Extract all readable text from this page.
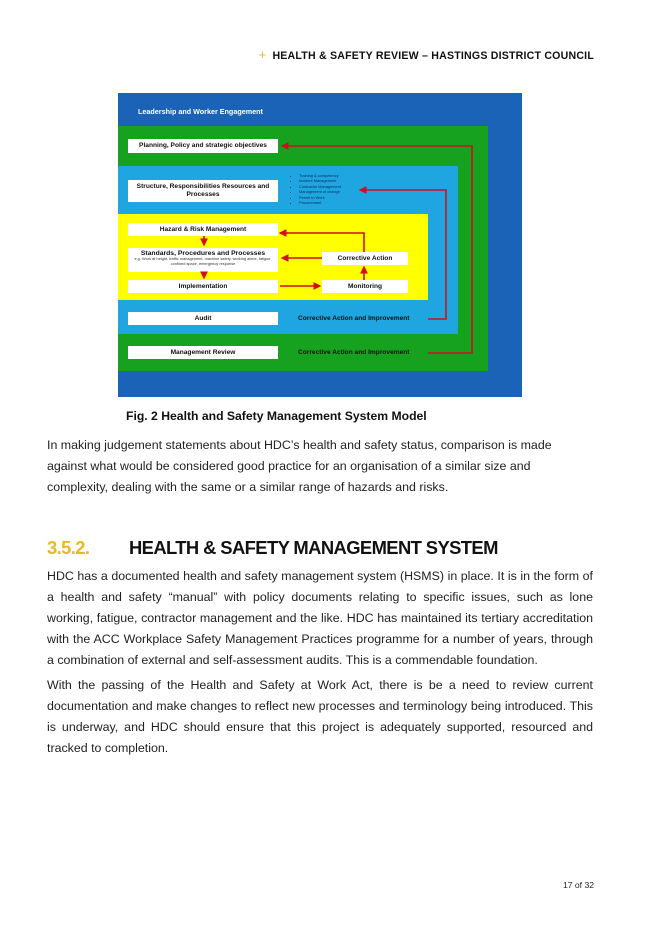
+ HEALTH & SAFETY REVIEW – HASTINGS DISTRICT COUNCIL
Leadership and Worker Engagement
Planning, Policy and strategic objectives
Structure, Responsibilities Resources and Processes
• Training & competency
• Incident Management
• Contractor Management
• Management of change
• Permit to Work
• Procurement
Hazard & Risk Management
Standards, Procedures and Processes
e.g. Work at height, traffic management, machine safety, working alone, fatigue, confined space, emergency response
Corrective Action
Implementation	Monitoring
Audit	Corrective Action and Improvement
Management Review	Corrective Action and Improvement
Fig. 2 Health and Safety Management System Model

In making judgement statements about HDC’s health and safety status, comparison is made against what would be considered good practice for an organisation of a similar size and complexity, dealing with the same or a similar range of hazards and risks.

3.5.2. HEALTH & SAFETY MANAGEMENT SYSTEM

HDC has a documented health and safety management system (HSMS) in place. It is in the form of a health and safety “manual” with policy documents relating to specific issues, such as lone working, fatigue, contractor management and the like. HDC has maintained its tertiary accreditation with the ACC Workplace Safety Management Practices programme for a number of years, through a combination of external and self-assessment audits. This is a commendable foundation.

With the passing of the Health and Safety at Work Act, there is be a need to review current documentation and make changes to reflect new processes and terminology being introduced. This is underway, and HDC should ensure that this project is adequately supported, resourced and tracked to completion.

17 of 32
